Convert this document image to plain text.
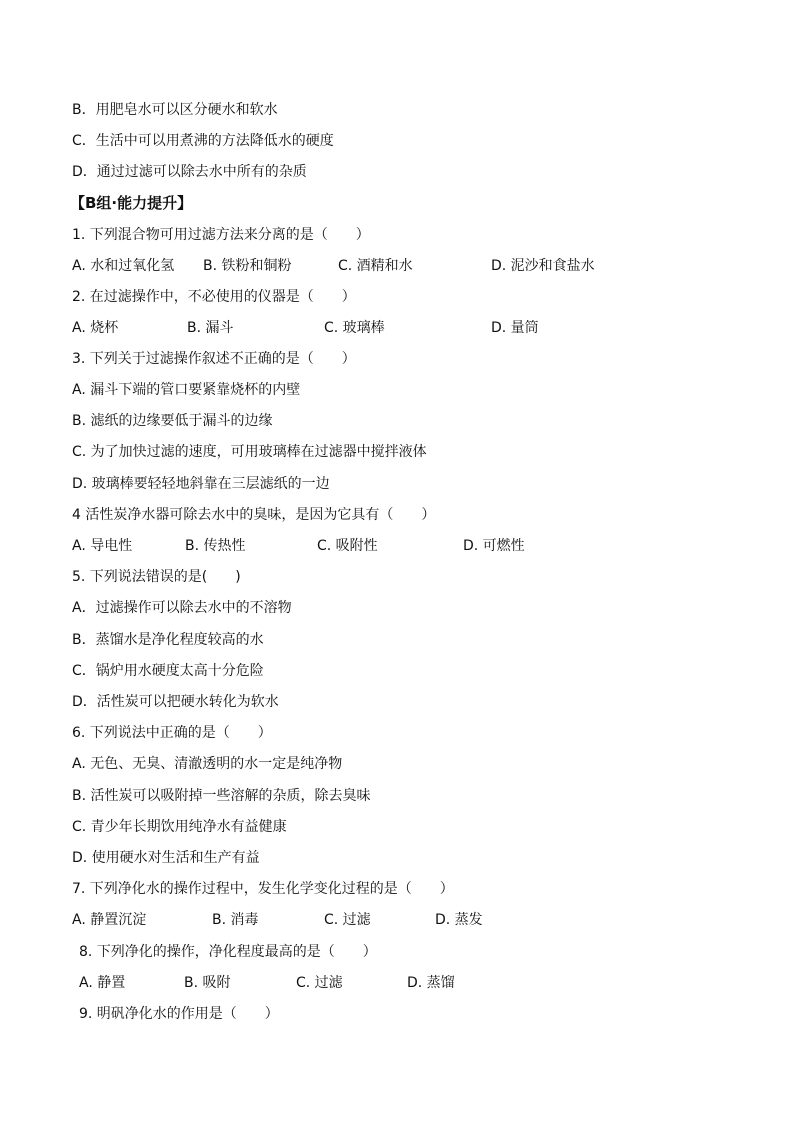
B．用肥皂水可以区分硬水和软水
C．生活中可以用煮沸的方法降低水的硬度
D．通过过滤可以除去水中所有的杂质
【B组·能力提升】
1. 下列混合物可用过滤方法来分离的是（　　）
A. 水和过氧化氢 B. 铁粉和铜粉	C. 酒精和水	D. 泥沙和食盐水
2. 在过滤操作中，不必使用的仪器是（　　）
A. 烧杯	B. 漏斗	C. 玻璃棒	D. 量筒
3. 下列关于过滤操作叙述不正确的是（　　）
A. 漏斗下端的管口要紧靠烧杯的内壁
B. 滤纸的边缘要低于漏斗的边缘
C. 为了加快过滤的速度，可用玻璃棒在过滤器中搅拌液体
D. 玻璃棒要轻轻地斜靠在三层滤纸的一边
4 活性炭净水器可除去水中的臭味，是因为它具有（　　）
A. 导电性	B. 传热性	C. 吸附性	D. 可燃性
5. 下列说法错误的是(　　)
A．过滤操作可以除去水中的不溶物
B．蒸馏水是净化程度较高的水
C．锅炉用水硬度太高十分危险
D．活性炭可以把硬水转化为软水
6. 下列说法中正确的是（　　）
A. 无色、无臭、清澈透明的水一定是纯净物
B. 活性炭可以吸附掉一些溶解的杂质，除去臭味
C. 青少年长期饮用纯净水有益健康
D. 使用硬水对生活和生产有益
7. 下列净化水的操作过程中，发生化学变化过程的是（　　）
A. 静置沉淀	B. 消毒	C. 过滤	D. 蒸发
8. 下列净化的操作，净化程度最高的是（　　）
A. 静置	B. 吸附	C. 过滤	D. 蒸馏
9. 明矾净化水的作用是（　　）
